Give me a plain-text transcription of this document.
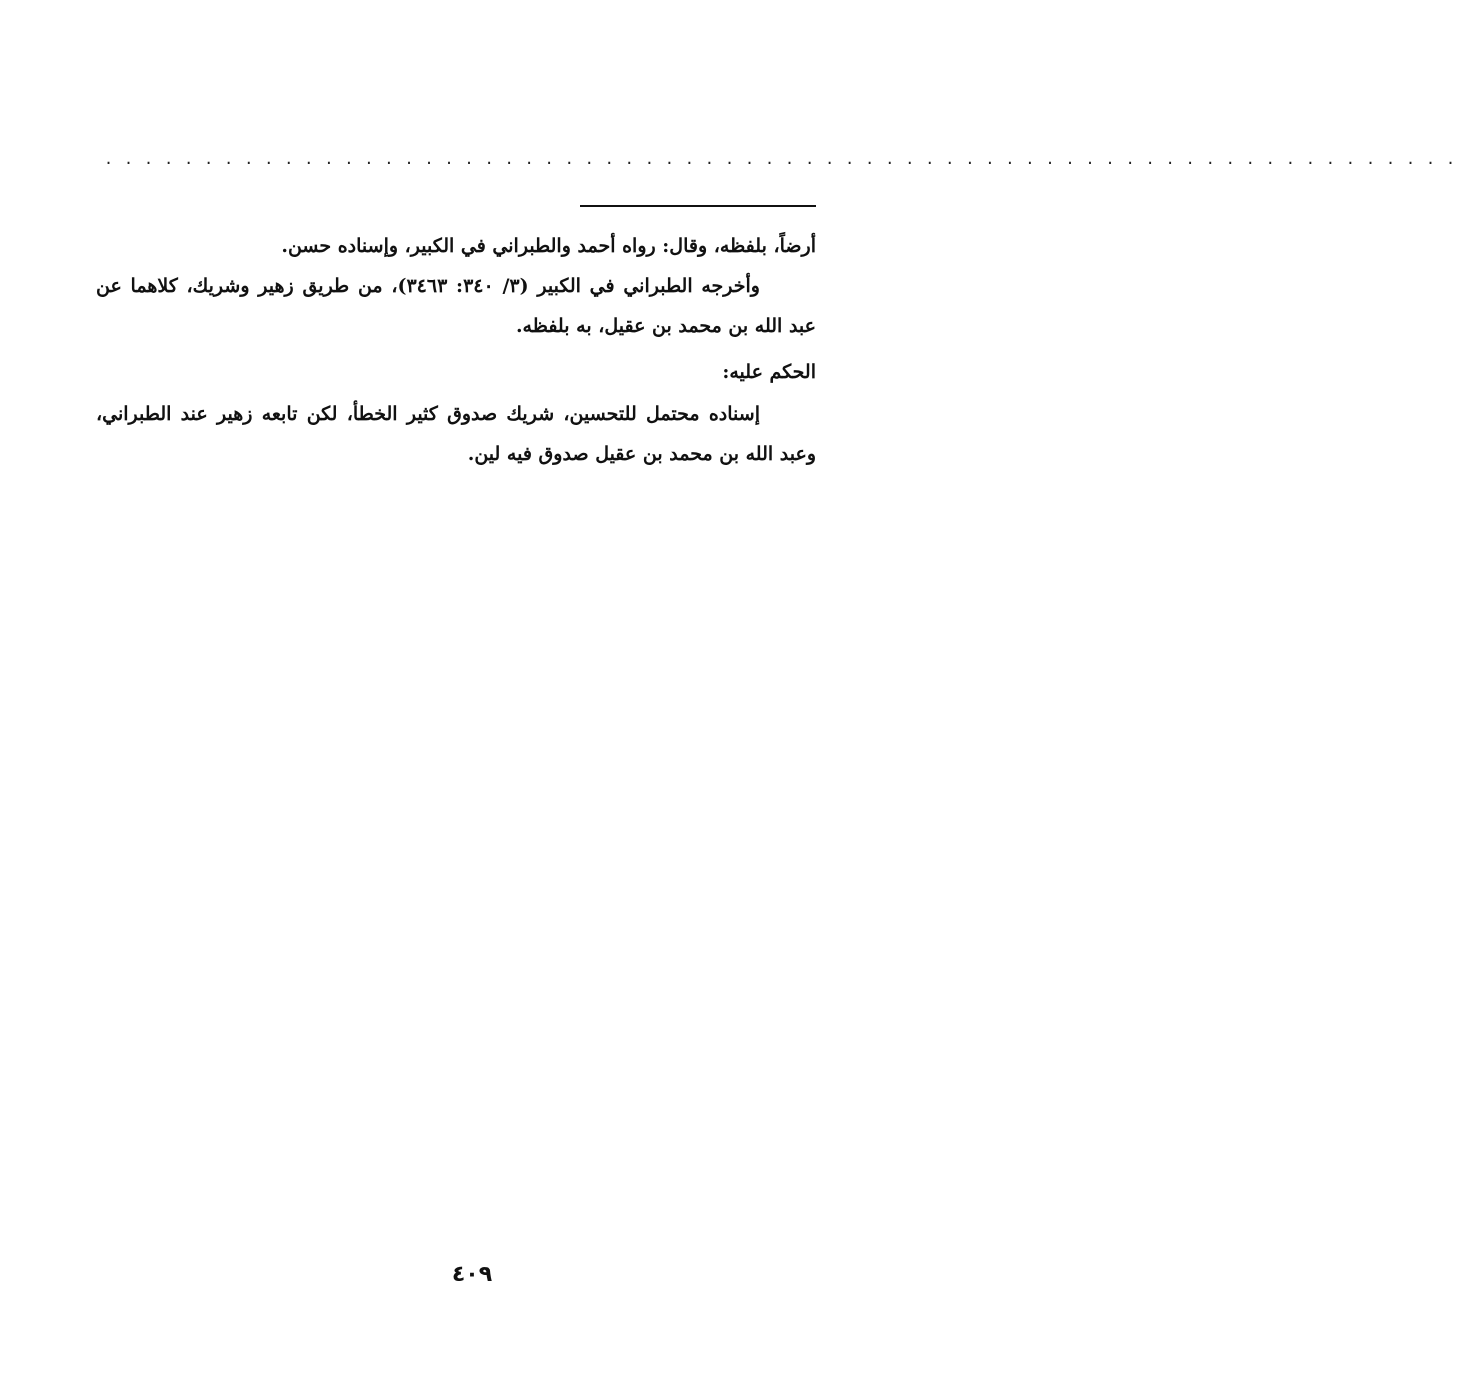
....................................................................

أرضاً، بلفظه، وقال: رواه أحمد والطبراني في الكبير، وإسناده حسن.

وأخرجه الطبراني في الكبير (٣/ ٣٤٠: ٣٤٦٣)، من طريق زهير وشريك، كلاهما عن عبد الله بن محمد بن عقيل، به بلفظه.

الحكم عليه:

إسناده محتمل للتحسين، شريك صدوق كثير الخطأ، لكن تابعه زهير عند الطبراني، وعبد الله بن محمد بن عقيل صدوق فيه لين.

٤٠٩
